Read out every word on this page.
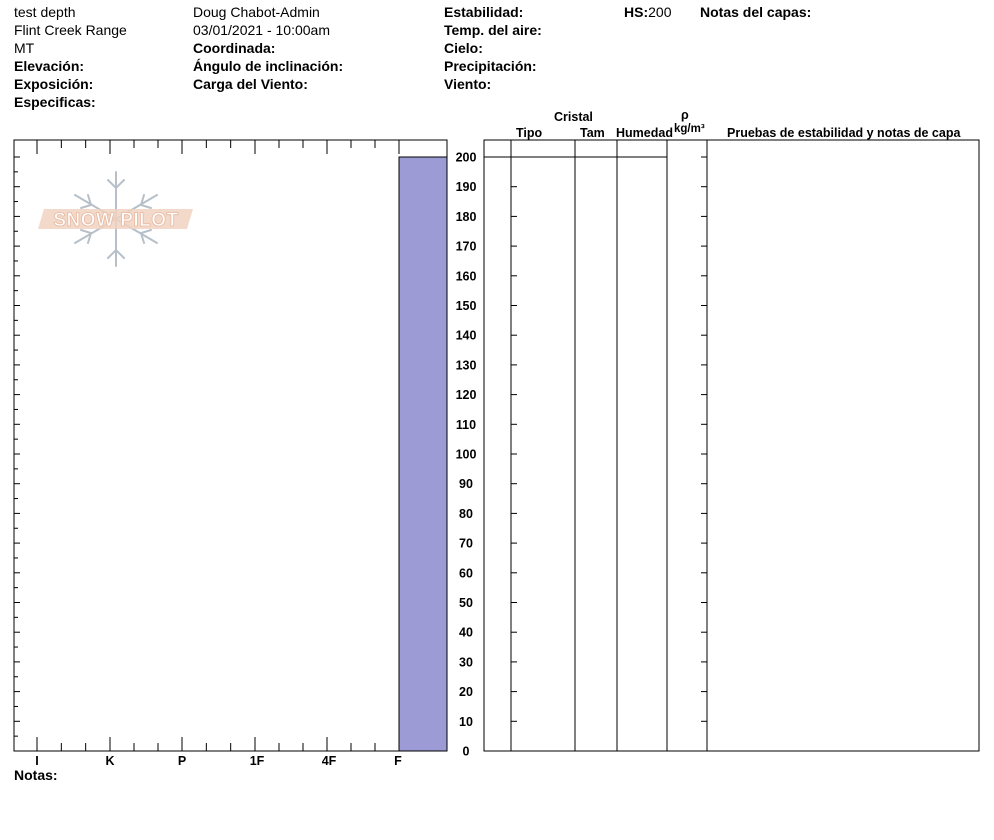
test depth
Flint Creek Range
MT
Elevación:
Exposición:
Especificas:
Doug Chabot-Admin
03/01/2021 - 10:00am
Coordinada:
Ángulo de inclinación:
Carga del Viento:
Estabilidad:
Temp. del aire:
Cielo:
Precipitación:
Viento:
HS:200 Notas del capas:
Cristal
Tipo	Tam Humedad
ρ
kg/m³ Pruebas de estabilidad y notas de capa
Notas:
SNOW PILOT
I	K	P	1F	4F	F
0
10
20
30
40
50
60
70
80
90
100
110
120
130
140
150
160
170
180
190
200
